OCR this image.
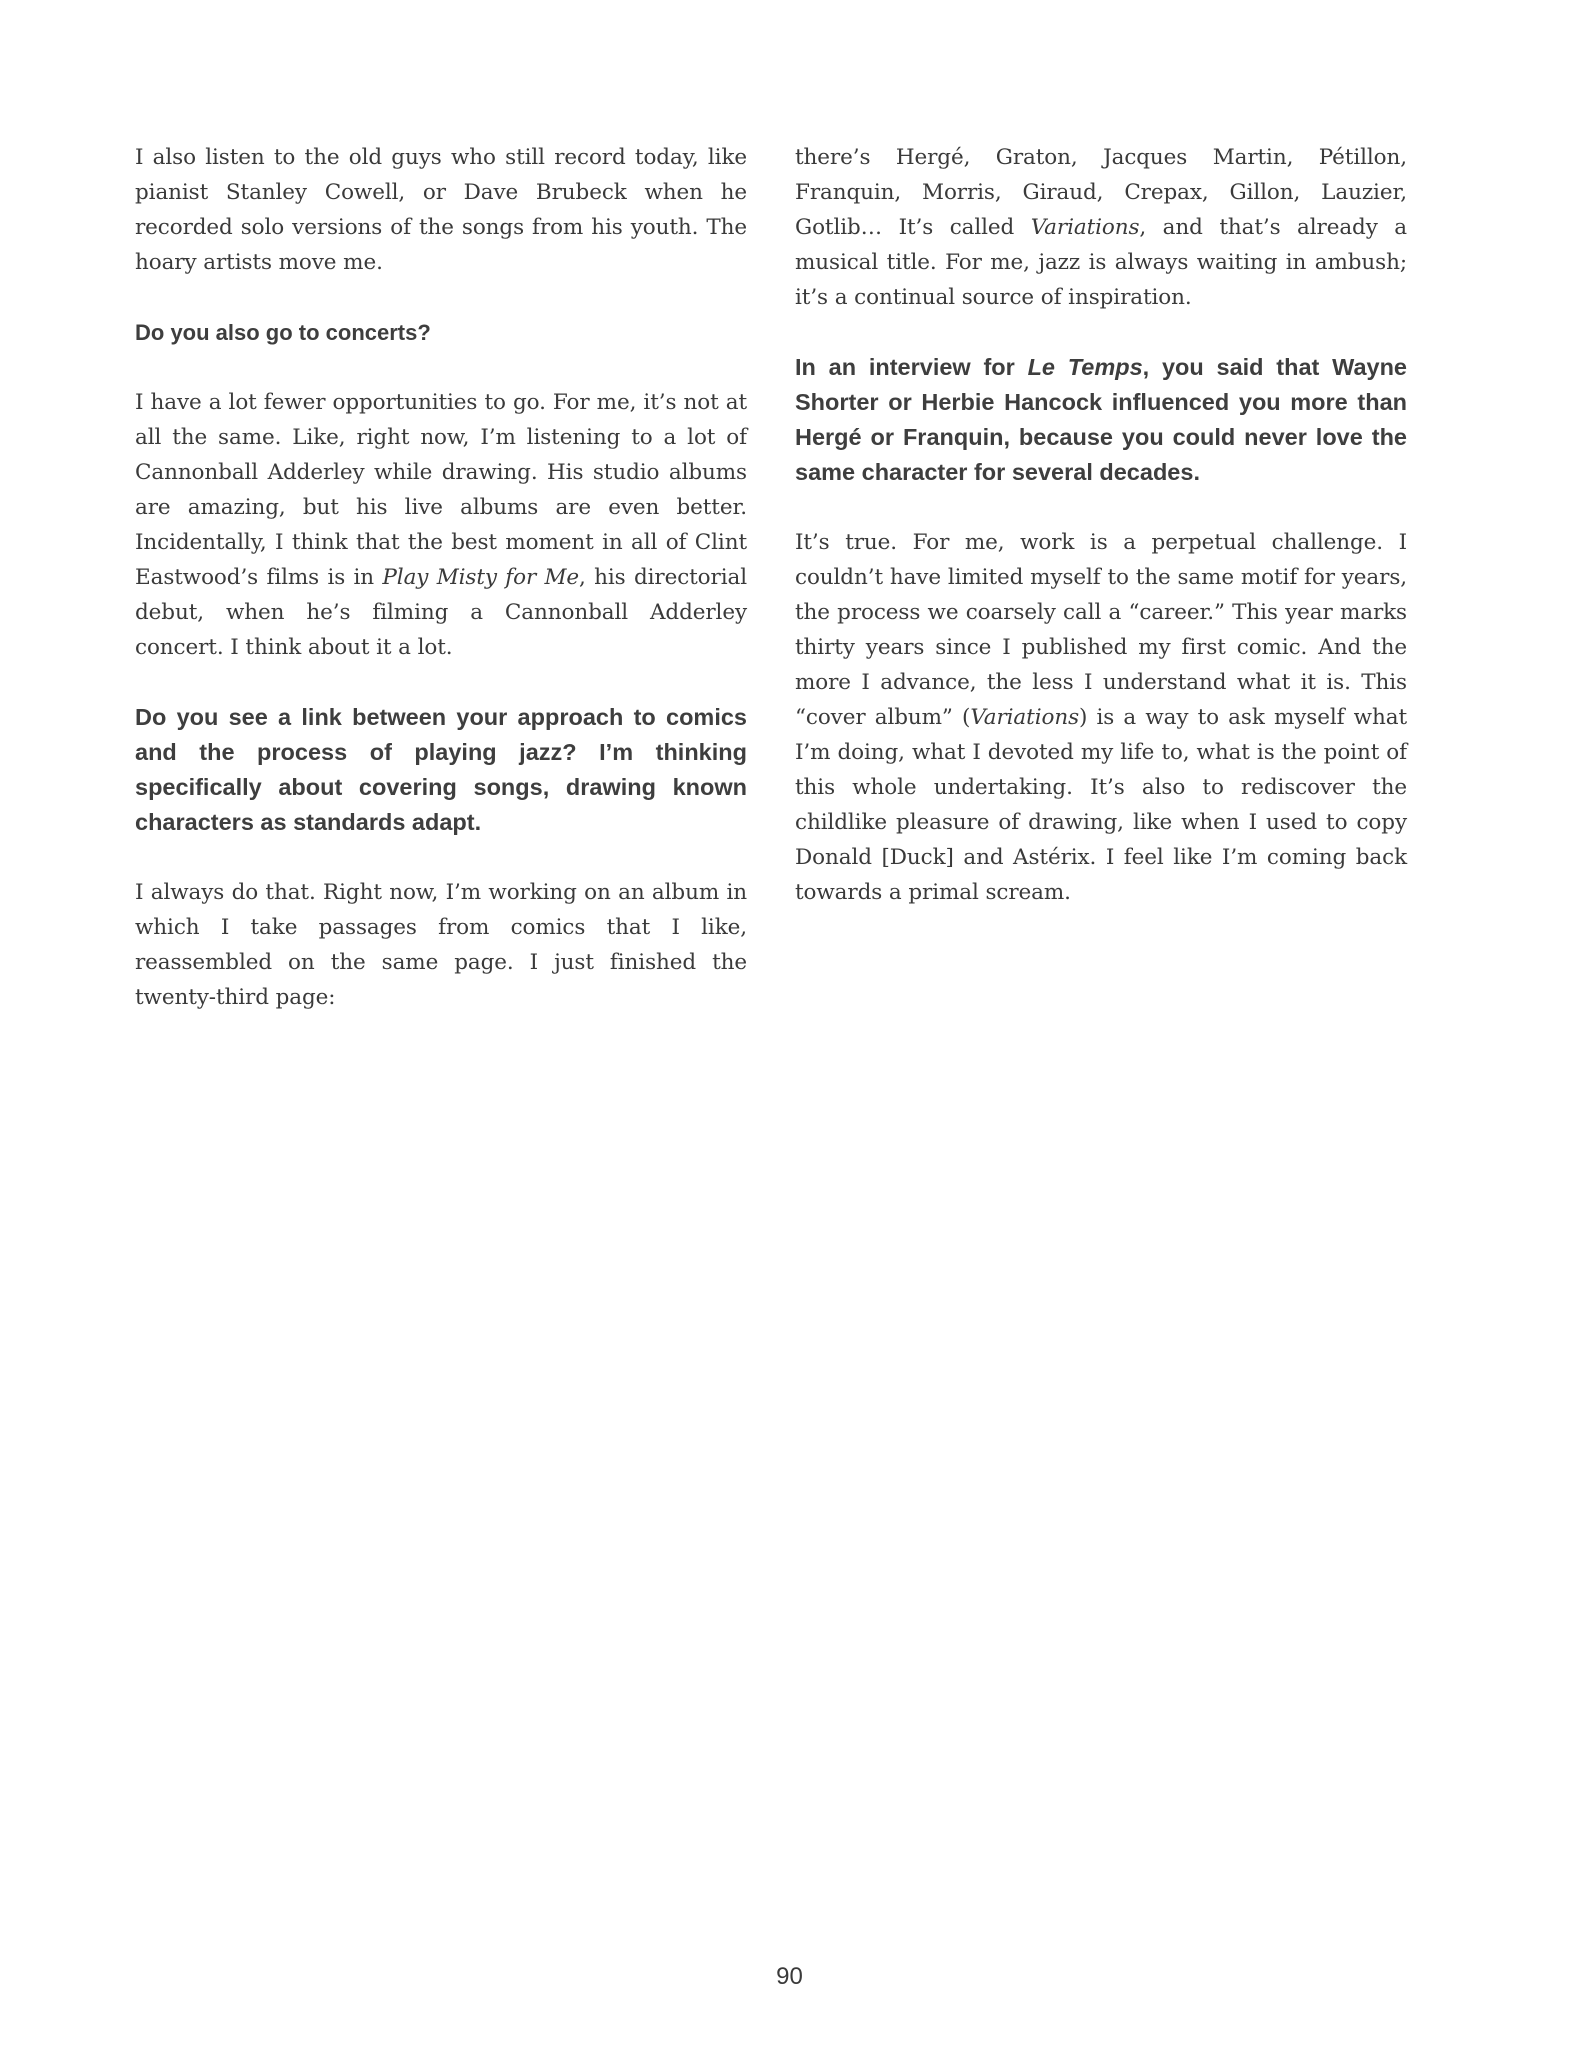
I also listen to the old guys who still record today, like pianist Stanley Cowell, or Dave Brubeck when he recorded solo versions of the songs from his youth. The hoary artists move me.

Do you also go to concerts?

I have a lot fewer opportunities to go. For me, it’s not at all the same. Like, right now, I’m listening to a lot of Cannonball Adderley while drawing. His studio albums are amazing, but his live albums are even better. Incidentally, I think that the best moment in all of Clint Eastwood’s films is in Play Misty for Me, his directorial debut, when he’s filming a Cannonball Adderley concert. I think about it a lot.

Do you see a link between your approach to comics and the process of playing jazz? I’m thinking specifically about covering songs, drawing known characters as standards adapt.

I always do that. Right now, I’m working on an album in which I take passages from comics that I like, reassembled on the same page. I just finished the twenty-third page:

there’s Hergé, Graton, Jacques Martin, Pétillon, Franquin, Morris, Giraud, Crepax, Gillon, Lauzier, Gotlib… It’s called Variations, and that’s already a musical title. For me, jazz is always waiting in ambush; it’s a continual source of inspiration.

In an interview for Le Temps, you said that Wayne Shorter or Herbie Hancock influenced you more than Hergé or Franquin, because you could never love the same character for several decades.

It’s true. For me, work is a perpetual challenge. I couldn’t have limited myself to the same motif for years, the process we coarsely call a “career.” This year marks thirty years since I published my first comic. And the more I advance, the less I understand what it is. This “cover album” (Variations) is a way to ask myself what I’m doing, what I devoted my life to, what is the point of this whole undertaking. It’s also to rediscover the childlike pleasure of drawing, like when I used to copy Donald [Duck] and Astérix. I feel like I’m coming back towards a primal scream.

90
